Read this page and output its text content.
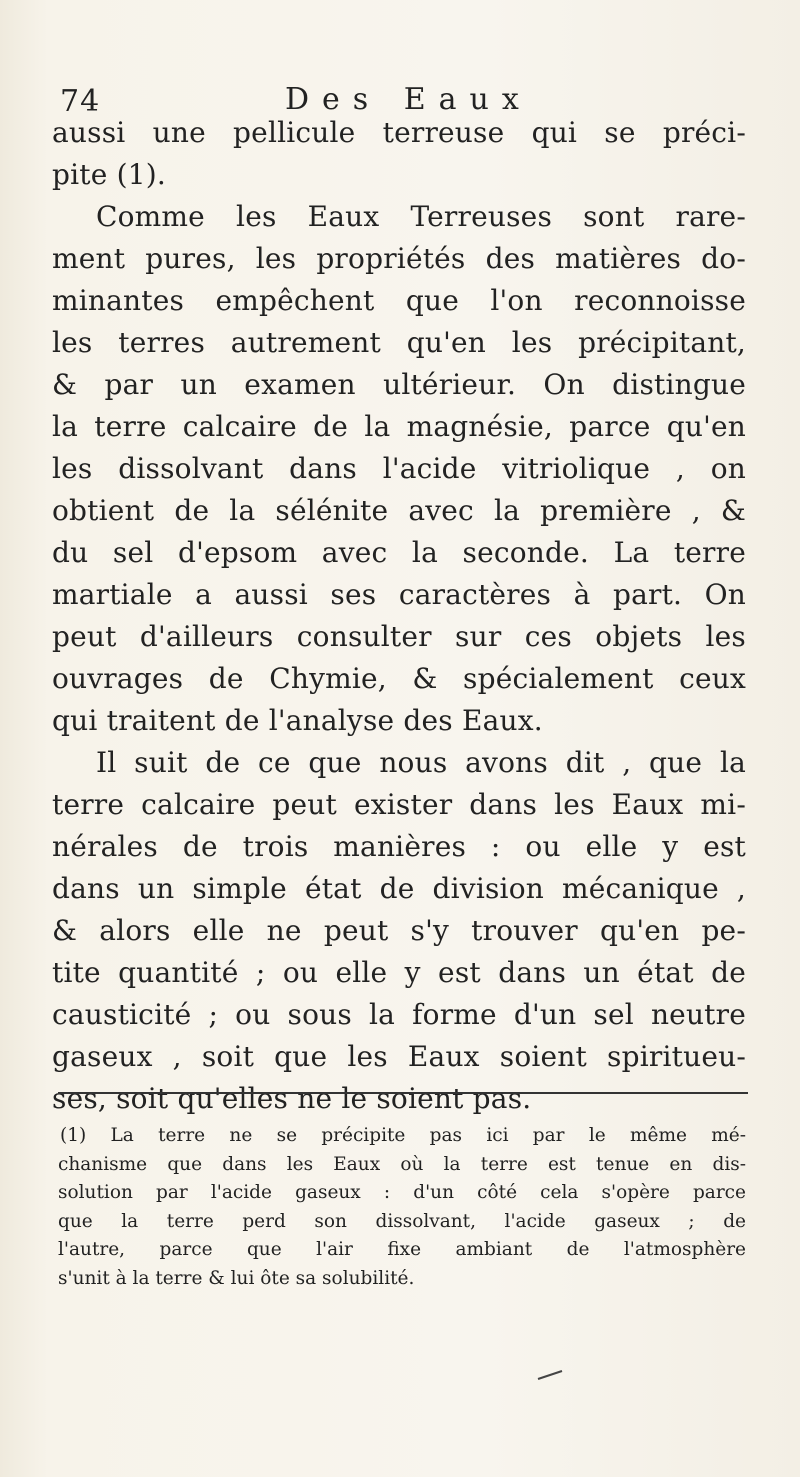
74	Des Eaux
aussi une pellicule terreuse qui se préci-
pite (1).
Comme les Eaux Terreuses sont rare-
ment pures, les propriétés des matières do-
minantes empêchent que l'on reconnoisse
les terres autrement qu'en les précipitant,
& par un examen ultérieur. On distingue
la terre calcaire de la magnésie, parce qu'en
les dissolvant dans l'acide vitriolique , on
obtient de la sélénite avec la première , &
du sel d'epsom avec la seconde. La terre
martiale a aussi ses caractères à part. On
peut d'ailleurs consulter sur ces objets les
ouvrages de Chymie, & spécialement ceux
qui traitent de l'analyse des Eaux.
Il suit de ce que nous avons dit , que la
terre calcaire peut exister dans les Eaux mi-
nérales de trois manières : ou elle y est
dans un simple état de division mécanique ,
& alors elle ne peut s'y trouver qu'en pe-
tite quantité ; ou elle y est dans un état de
causticité ; ou sous la forme d'un sel neutre
gaseux , soit que les Eaux soient spiritueu-
ses, soit qu'elles ne le soient pas.
(1) La terre ne se précipite pas ici par le même mé-
chanisme que dans les Eaux où la terre est tenue en dis-
solution par l'acide gaseux : d'un côté cela s'opère parce
que la terre perd son dissolvant, l'acide gaseux ; de
l'autre, parce que l'air fixe ambiant de l'atmosphère
s'unit à la terre & lui ôte sa solubilité.
